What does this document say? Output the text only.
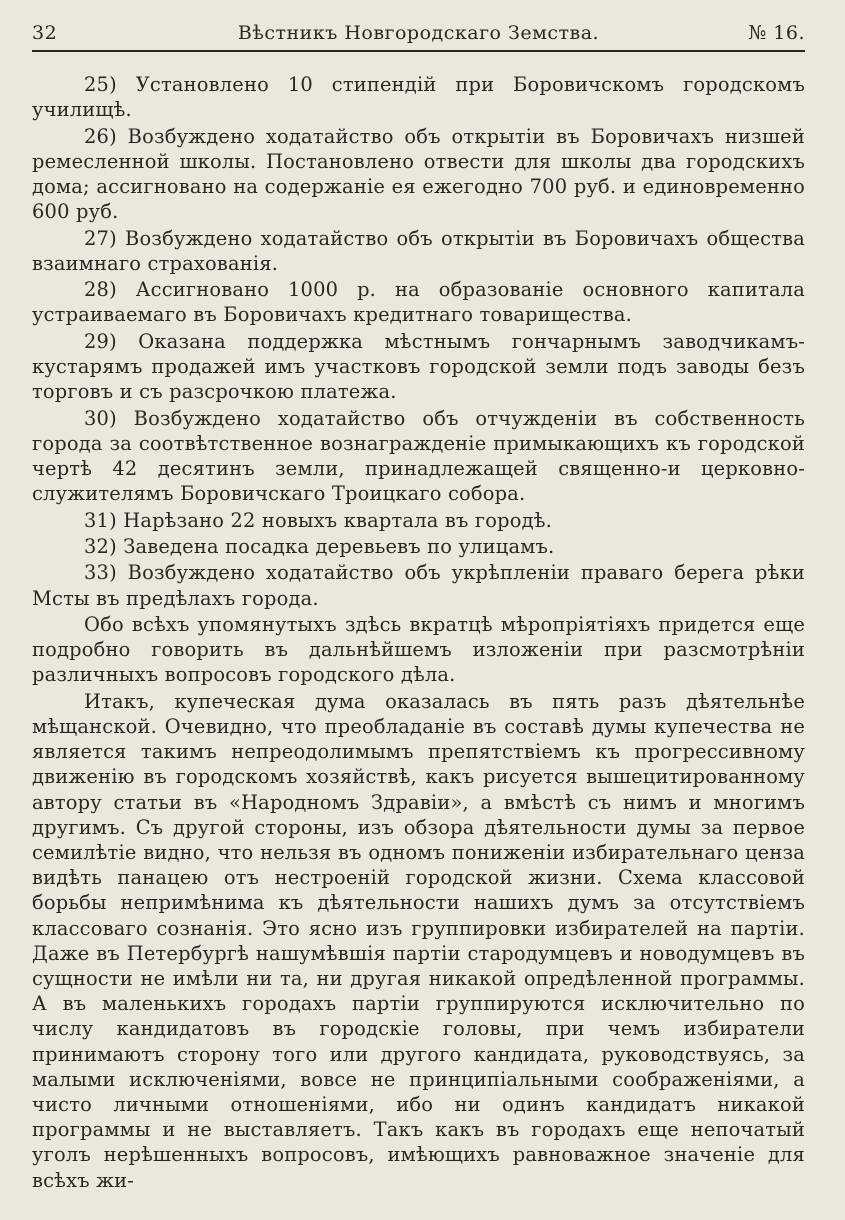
32	Вѣстникъ Новгородскаго Земства.	№ 16.

25) Установлено 10 стипендій при Боровичскомъ городскомъ училищѣ.

26) Возбуждено ходатайство объ открытіи въ Боровичахъ низшей ремесленной школы. Постановлено отвести для школы два городскихъ дома; ассигновано на содержаніе ея ежегодно 700 руб. и единовременно 600 руб.

27) Возбуждено ходатайство объ открытіи въ Боровичахъ общества взаимнаго страхованія.

28) Ассигновано 1000 р. на образованіе основного капитала устраиваемаго въ Боровичахъ кредитнаго товарищества.

29) Оказана поддержка мѣстнымъ гончарнымъ заводчикамъ-кустарямъ продажей имъ участковъ городской земли подъ заводы безъ торговъ и съ разсрочкою платежа.

30) Возбуждено ходатайство объ отчужденіи въ собственность города за соотвѣтственное вознагражденіе примыкающихъ къ городской чертѣ 42 десятинъ земли, принадлежащей священно-и церковно-служителямъ Боровичскаго Троицкаго собора.

31) Нарѣзано 22 новыхъ квартала въ городѣ.

32) Заведена посадка деревьевъ по улицамъ.

33) Возбуждено ходатайство объ укрѣпленіи праваго берега рѣки Мсты въ предѣлахъ города.

Обо всѣхъ упомянутыхъ здѣсь вкратцѣ мѣропріятіяхъ придется еще подробно говорить въ дальнѣйшемъ изложеніи при разсмотрѣніи различныхъ вопросовъ городского дѣла.

Итакъ, купеческая дума оказалась въ пять разъ дѣятельнѣе мѣщанской. Очевидно, что преобладаніе въ составѣ думы купечества не является такимъ непреодолимымъ препятствіемъ къ прогрессивному движенію въ городскомъ хозяйствѣ, какъ рисуется вышецитированному автору статьи въ «Народномъ Здравіи», а вмѣстѣ съ нимъ и многимъ другимъ. Съ другой стороны, изъ обзора дѣятельности думы за первое семилѣтіе видно, что нельзя въ одномъ пониженіи избирательнаго ценза видѣть панацею отъ нестроеній городской жизни. Схема классовой борьбы непримѣнима къ дѣятельности нашихъ думъ за отсутствіемъ классоваго сознанія. Это ясно изъ группировки избирателей на партіи. Даже въ Петербургѣ нашумѣвшія партіи стародумцевъ и новодумцевъ въ сущности не имѣли ни та, ни другая никакой опредѣленной программы. А въ маленькихъ городахъ партіи группируются исключительно по числу кандидатовъ въ городскіе головы, при чемъ избиратели принимаютъ сторону того или другого кандидата, руководствуясь, за малыми исключеніями, вовсе не принципіальными соображеніями, а чисто личными отношеніями, ибо ни одинъ кандидатъ никакой программы и не выставляетъ. Такъ какъ въ городахъ еще непочатый уголъ нерѣшенныхъ вопросовъ, имѣющихъ равноважное значеніе для всѣхъ жи-
